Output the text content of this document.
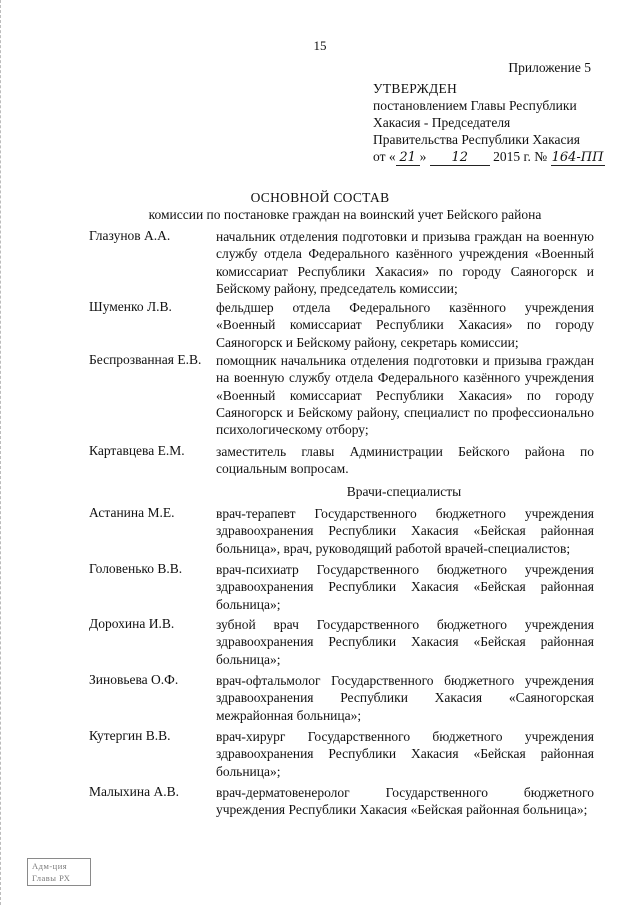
15
Приложение 5
УТВЕРЖДЕН
постановлением Главы Республики
Хакасия - Председателя
Правительства Республики Хакасия
от « 21 » 12 2015 г. № 164-ПП
ОСНОВНОЙ СОСТАВ
комиссии по постановке граждан на воинский учет Бейского района
Глазунов А.А.	начальник отделения подготовки и призыва граждан на военную службу отдела Федерального казённого учреждения «Военный комиссариат Республики Хакасия» по городу Саяногорск и Бейскому району, председатель комиссии;
Шуменко Л.В.	фельдшер отдела Федерального казённого учреждения «Военный комиссариат Республики Хакасия» по городу Саяногорск и Бейскому району, секретарь комиссии;
Беспрозванная Е.В. помощник начальника отделения подготовки и призыва граждан на военную службу отдела Федерального казённого учреждения «Военный комиссариат Республики Хакасия» по городу Саяногорск и Бейскому району, специалист по профессионально психологическому отбору;
Картавцева Е.М. заместитель главы Администрации Бейского района по социальным вопросам.
Врачи-специалисты
Астанина М.Е.	врач-терапевт Государственного бюджетного учреждения здравоохранения Республики Хакасия «Бейская районная больница», врач, руководящий работой врачей-специалистов;
Головенько В.В.	врач-психиатр Государственного бюджетного учреждения здравоохранения Республики Хакасия «Бейская районная больница»;
Дорохина И.В.	зубной врач Государственного бюджетного учреждения здравоохранения Республики Хакасия «Бейская районная больница»;
Зиновьева О.Ф.	врач-офтальмолог Государственного бюджетного учреждения здравоохранения Республики Хакасия «Саяногорская межрайонная больница»;
Кутергин В.В.	врач-хирург Государственного бюджетного учреждения здравоохранения Республики Хакасия «Бейская районная больница»;
Малыхина А.В.	врач-дерматовенеролог Государственного бюджетного учреждения Республики Хакасия «Бейская районная больница»;
Адм-ция
Главы РХ
